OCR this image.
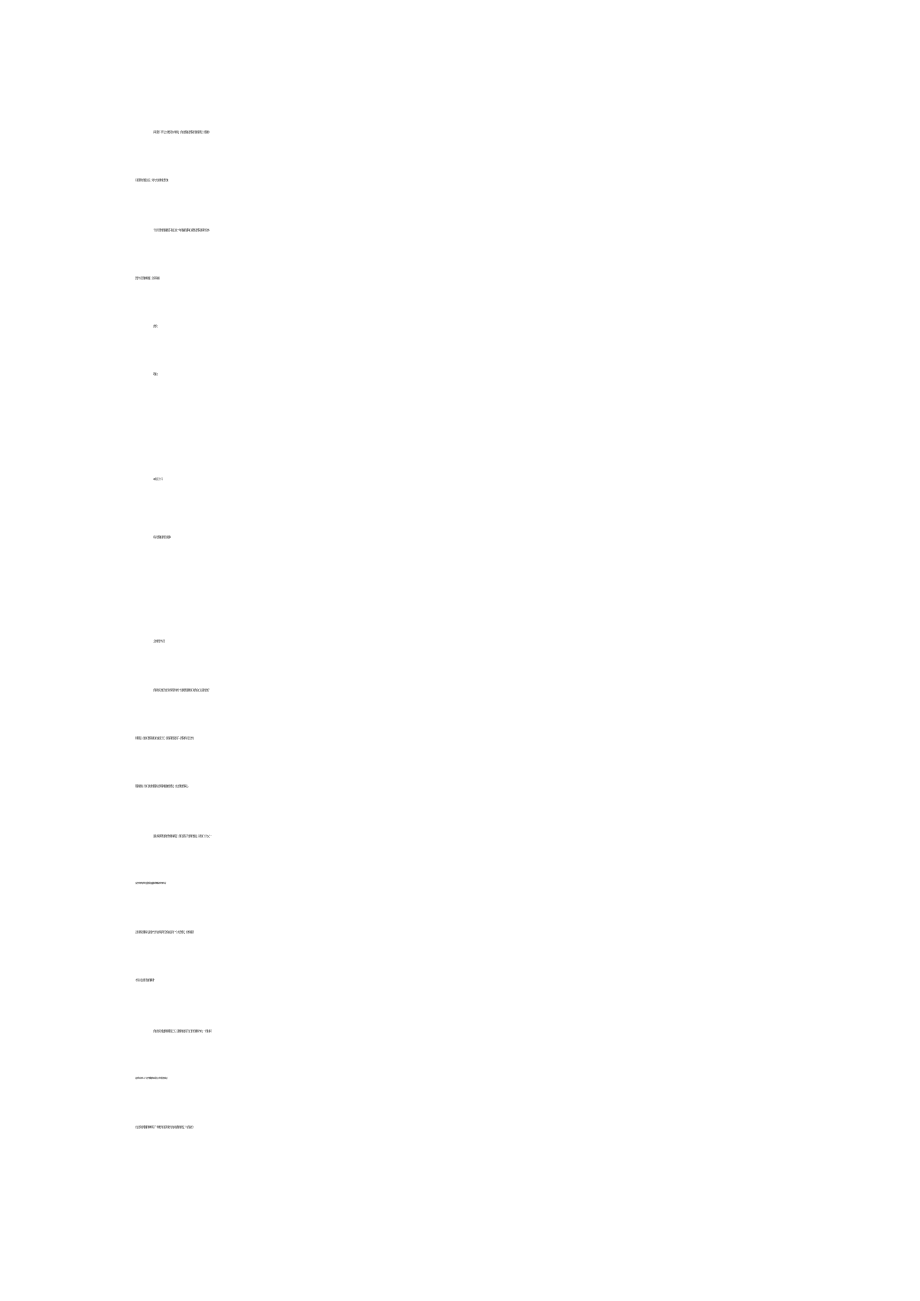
真可谓，平凡之中更见伟大!同时，我也感谢总医院的各级领导，感谢你
们培养出像姜主任、刘大夫这样的好医生l
千言万语的感谢最后只能汇成一句祝福的话:真心祝愿总医院泌尿科全体
医护人员身体健康，全家幸福!
此致
敬礼!
20_年_月一口
病人感谢信的范文篇2
_全体医护人员:
我是你们治疗过的众多患者中的一位,我很感谢你们对我全心全意的治疗
和照顾，在你们医院就诊的这段日子，我深深感受到了—医院"病人至上"的
服务准则。你们优质的服务让我有种温暖的感觉，也让我倍感窝心。
面对疾病带给我的伤害和痛苦，我几度有了放弃的想法，是你们一次乂一
次的坚持和努力,让我有了重新开始的希望,也让我能够鼓起勇气而对生活。
正如那位善解人意的护士所言“疾病不会造成任何一个人的毁灭，放弃看望
才是人生最可怕的事情。”
我在你们的鼓励和照顾之下，逐渐的找到了自己的归属和方向，一段时间
的治疗和几位医生、护士的开导都助,让我对之前的自己有了新的客观认识,
也让我对周围的种种有了一种更为包容和宽大的认知,我的改变，与各位的
